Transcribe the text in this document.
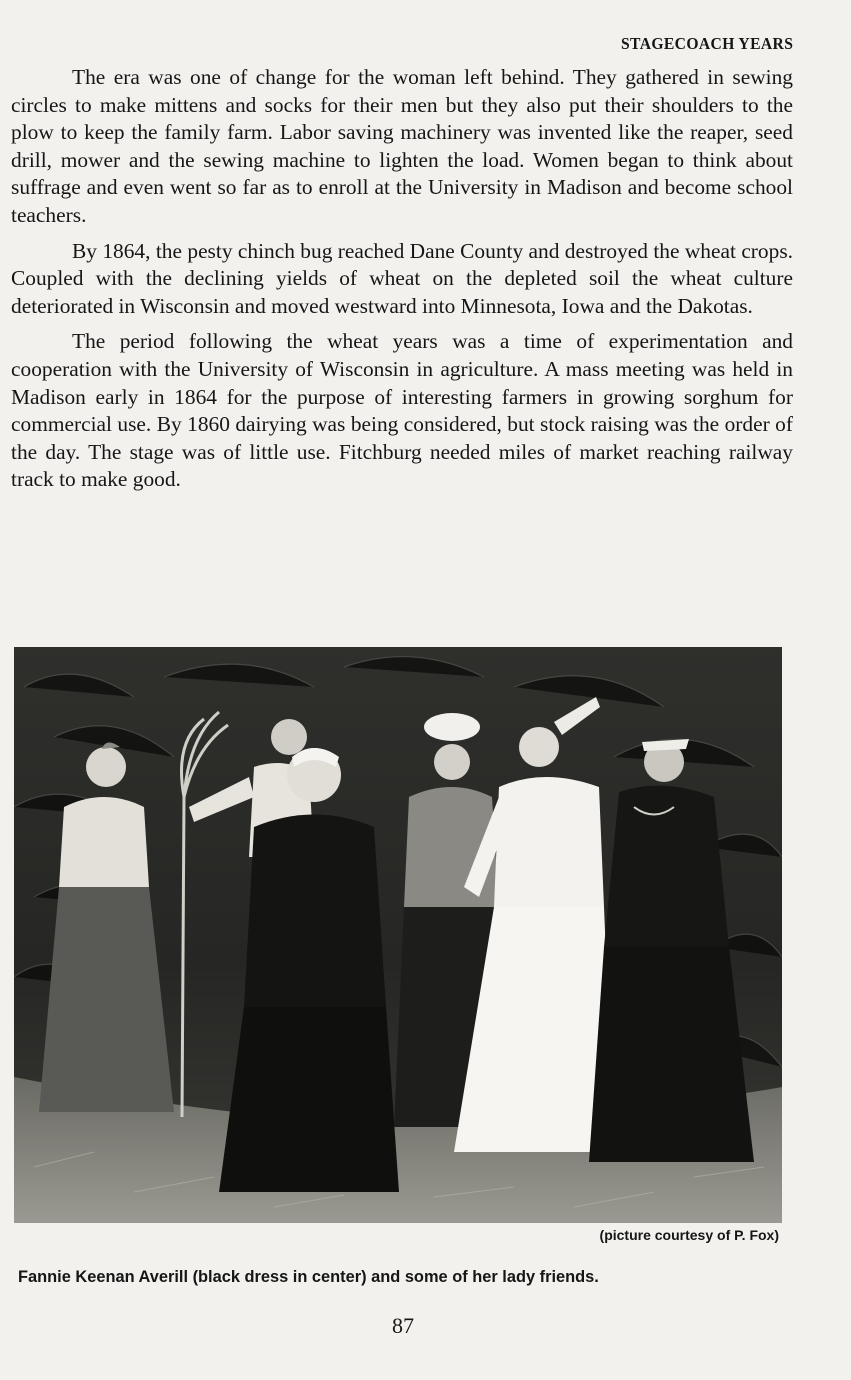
STAGECOACH YEARS

The era was one of change for the woman left behind. They gathered in sewing circles to make mittens and socks for their men but they also put their shoulders to the plow to keep the family farm. Labor saving machinery was invented like the reaper, seed drill, mower and the sewing machine to lighten the load. Women began to think about suffrage and even went so far as to enroll at the University in Madison and become school teachers.

By 1864, the pesty chinch bug reached Dane County and destroyed the wheat crops. Coupled with the declining yields of wheat on the depleted soil the wheat culture deteriorated in Wisconsin and moved westward into Minnesota, Iowa and the Dakotas.

The period following the wheat years was a time of experimentation and cooperation with the University of Wisconsin in agriculture. A mass meeting was held in Madison early in 1864 for the purpose of interesting farmers in growing sorghum for commercial use. By 1860 dairying was being considered, but stock raising was the order of the day. The stage was of little use. Fitchburg needed miles of market reaching railway track to make good.

(picture courtesy of P. Fox)
Fannie Keenan Averill (black dress in center) and some of her lady friends.
87
